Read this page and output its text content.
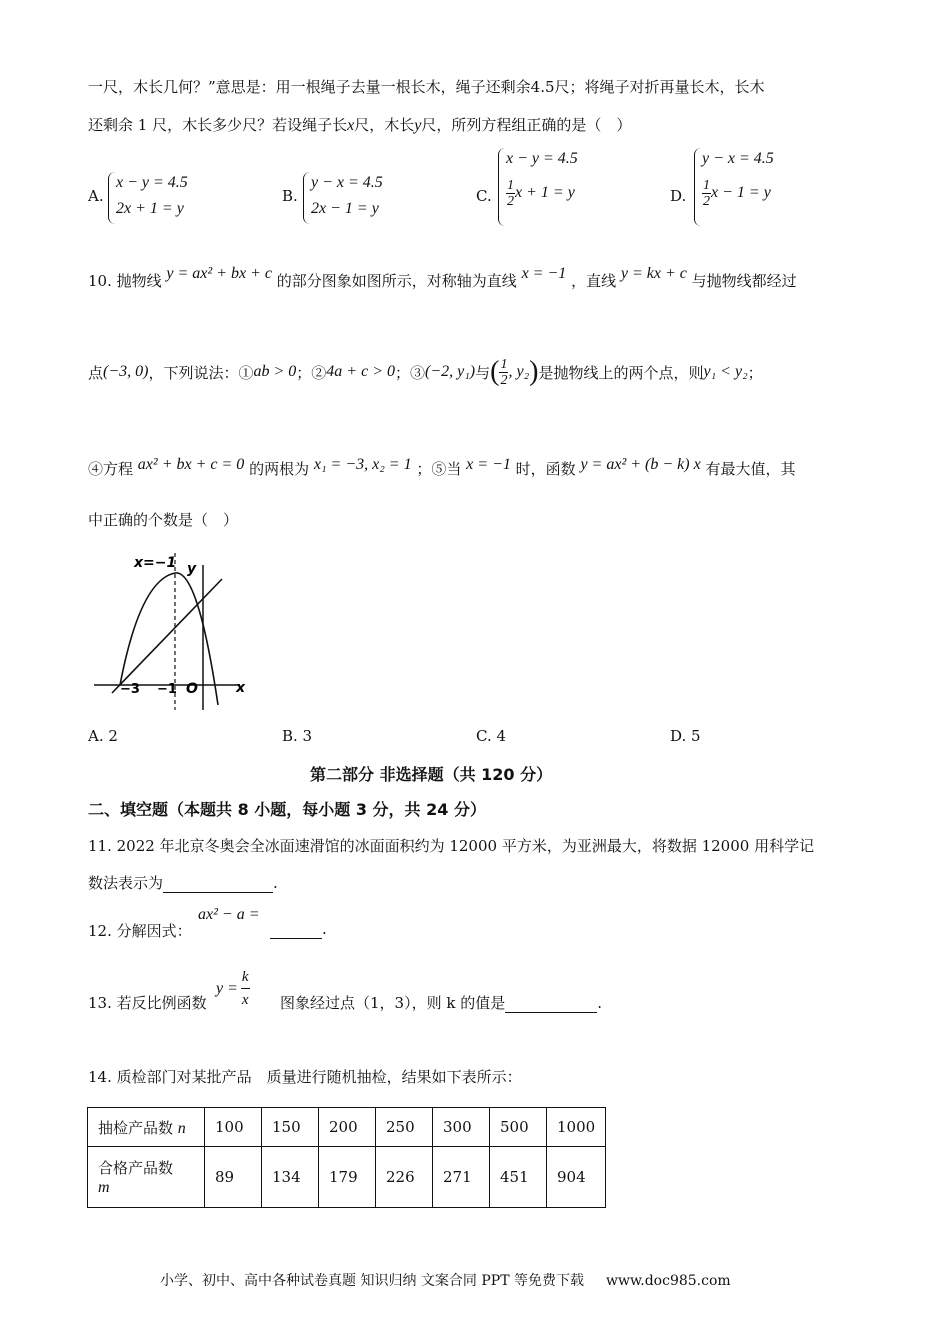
一尺，木长几何？”意思是：用一根绳子去量一根长木，绳子还剩余4.5尺；将绳子对折再量长木，长木
还剩余 1 尺，木长多少尺？若设绳子长x尺，木长y尺，所列方程组正确的是（　）
A.
x − y = 4.5
2x + 1 = y
B.
y − x = 4.5
2x − 1 = y
C.
x − y = 4.5
$\frac{1}{2}$ x + 1 = y	D.
y − x = 4.5
$\frac{1}{2}$ x − 1 = y
10. 抛物线 y = ax² + bx + c 的部分图象如图所示，对称轴为直线 x = −1 ，直线 y = kx + c 与抛物线都经过
点 (−3, 0) ，下列说法：① ab > 0 ；② 4a + c > 0 ；③ (−2, y₁) 与 ( $\frac{1}{2}$ , y₂ ) 是抛物线上的两个点，则 y₁ < y₂ ；
④方程 ax² + bx + c = 0 的两根为 x₁ = −3, x₂ = 1 ；⑤当 x = −1 时，函数 y = ax² + (b − k) x 有最大值，其
中正确的个数是（　）
x=−1 y
x
−3 −1 O
A. 2	B. 3	C. 4	D. 5
第二部分 非选择题（共 120 分）
二、填空题（本题共 8 小题，每小题 3 分，共 24 分）
11. 2022 年北京冬奥会全冰面速滑馆的冰面面积约为 12000 平方米，为亚洲最大，将数据 12000 用科学记
数法表示为	.
12. 分解因式：
ax² − a =
.
13. 若反比例函数
$y = \frac{k}{x}$ 图象经过点（1，3），则 k 的值是	.
14. 质检部门对某批产品　质量进行随机抽检，结果如下表所示：
抽检产品数 n	100	150	200	250	300	500	1000
合格产品数
m	89	134	179	226	271	451	904
小学、初中、高中各种试卷真题 知识归纳 文案合同 PPT 等免费下载 www.doc985.com
